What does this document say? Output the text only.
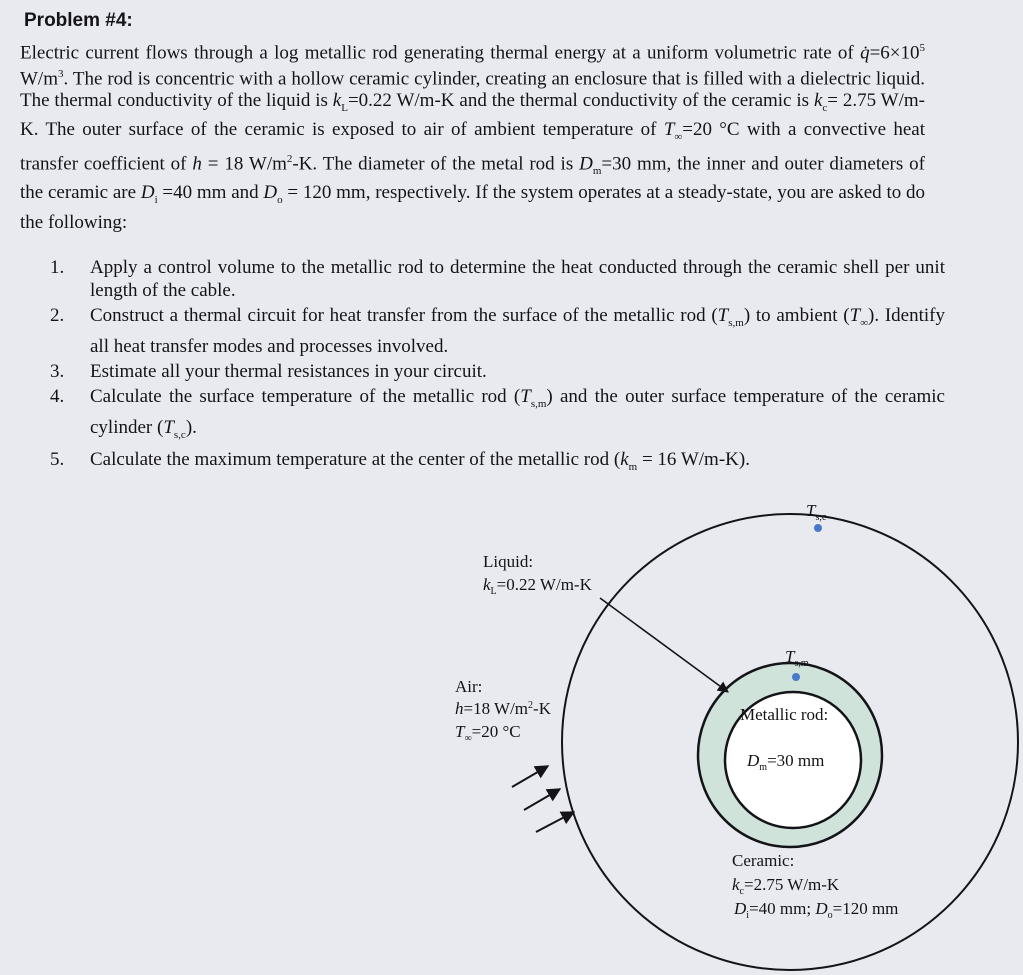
Problem #4:

Electric current flows through a log metallic rod generating thermal energy at a uniform volumetric rate of $q̇=6\times 10^5$ $W/m^3$. The rod is concentric with a hollow ceramic cylinder, creating an enclosure that is filled with a dielectric liquid. The thermal conductivity of the liquid is $k_L=0.22$ W/m-K and the thermal conductivity of the ceramic is $k_c= 2.75$ W/m-K. The outer surface of the ceramic is exposed to air of ambient temperature of $T_\infty=20$ °C with a convective heat transfer coefficient of h = 18 $W/m^2-K$. The diameter of the metal rod is $D_m=30$ mm, the inner and outer diameters of the ceramic are $D_i =40$ mm and $D_o = 120$ mm, respectively. If the system operates at a steady-state, you are asked to do the following:

1.	Apply a control volume to the metallic rod to determine the heat conducted through the ceramic shell per unit length of the cable.
2.	Construct a thermal circuit for heat transfer from the surface of the metallic rod $(T_{s,m})$ to ambient $(T_\infty)$. Identify all heat transfer modes and processes involved.
3.	Estimate all your thermal resistances in your circuit.
4.	Calculate the surface temperature of the metallic rod $(T_{s,m})$ and the outer surface temperature of the ceramic cylinder $(T_{s,c})$.
5.	Calculate the maximum temperature at the center of the metallic rod ($k_m = 16$ W/m-K).
$T_{s,c}$
$T_{s,m}$
Liquid:
$k_L=0.22$ W/m-K
Air:
h=18 $W/m^2-K$
$T_\infty=20$ °C
Metallic rod:
$D_m=30$ mm
Ceramic:
$k_c=2.75$ W/m-K
$D_i=40$ mm; $D_o=120$ mm
